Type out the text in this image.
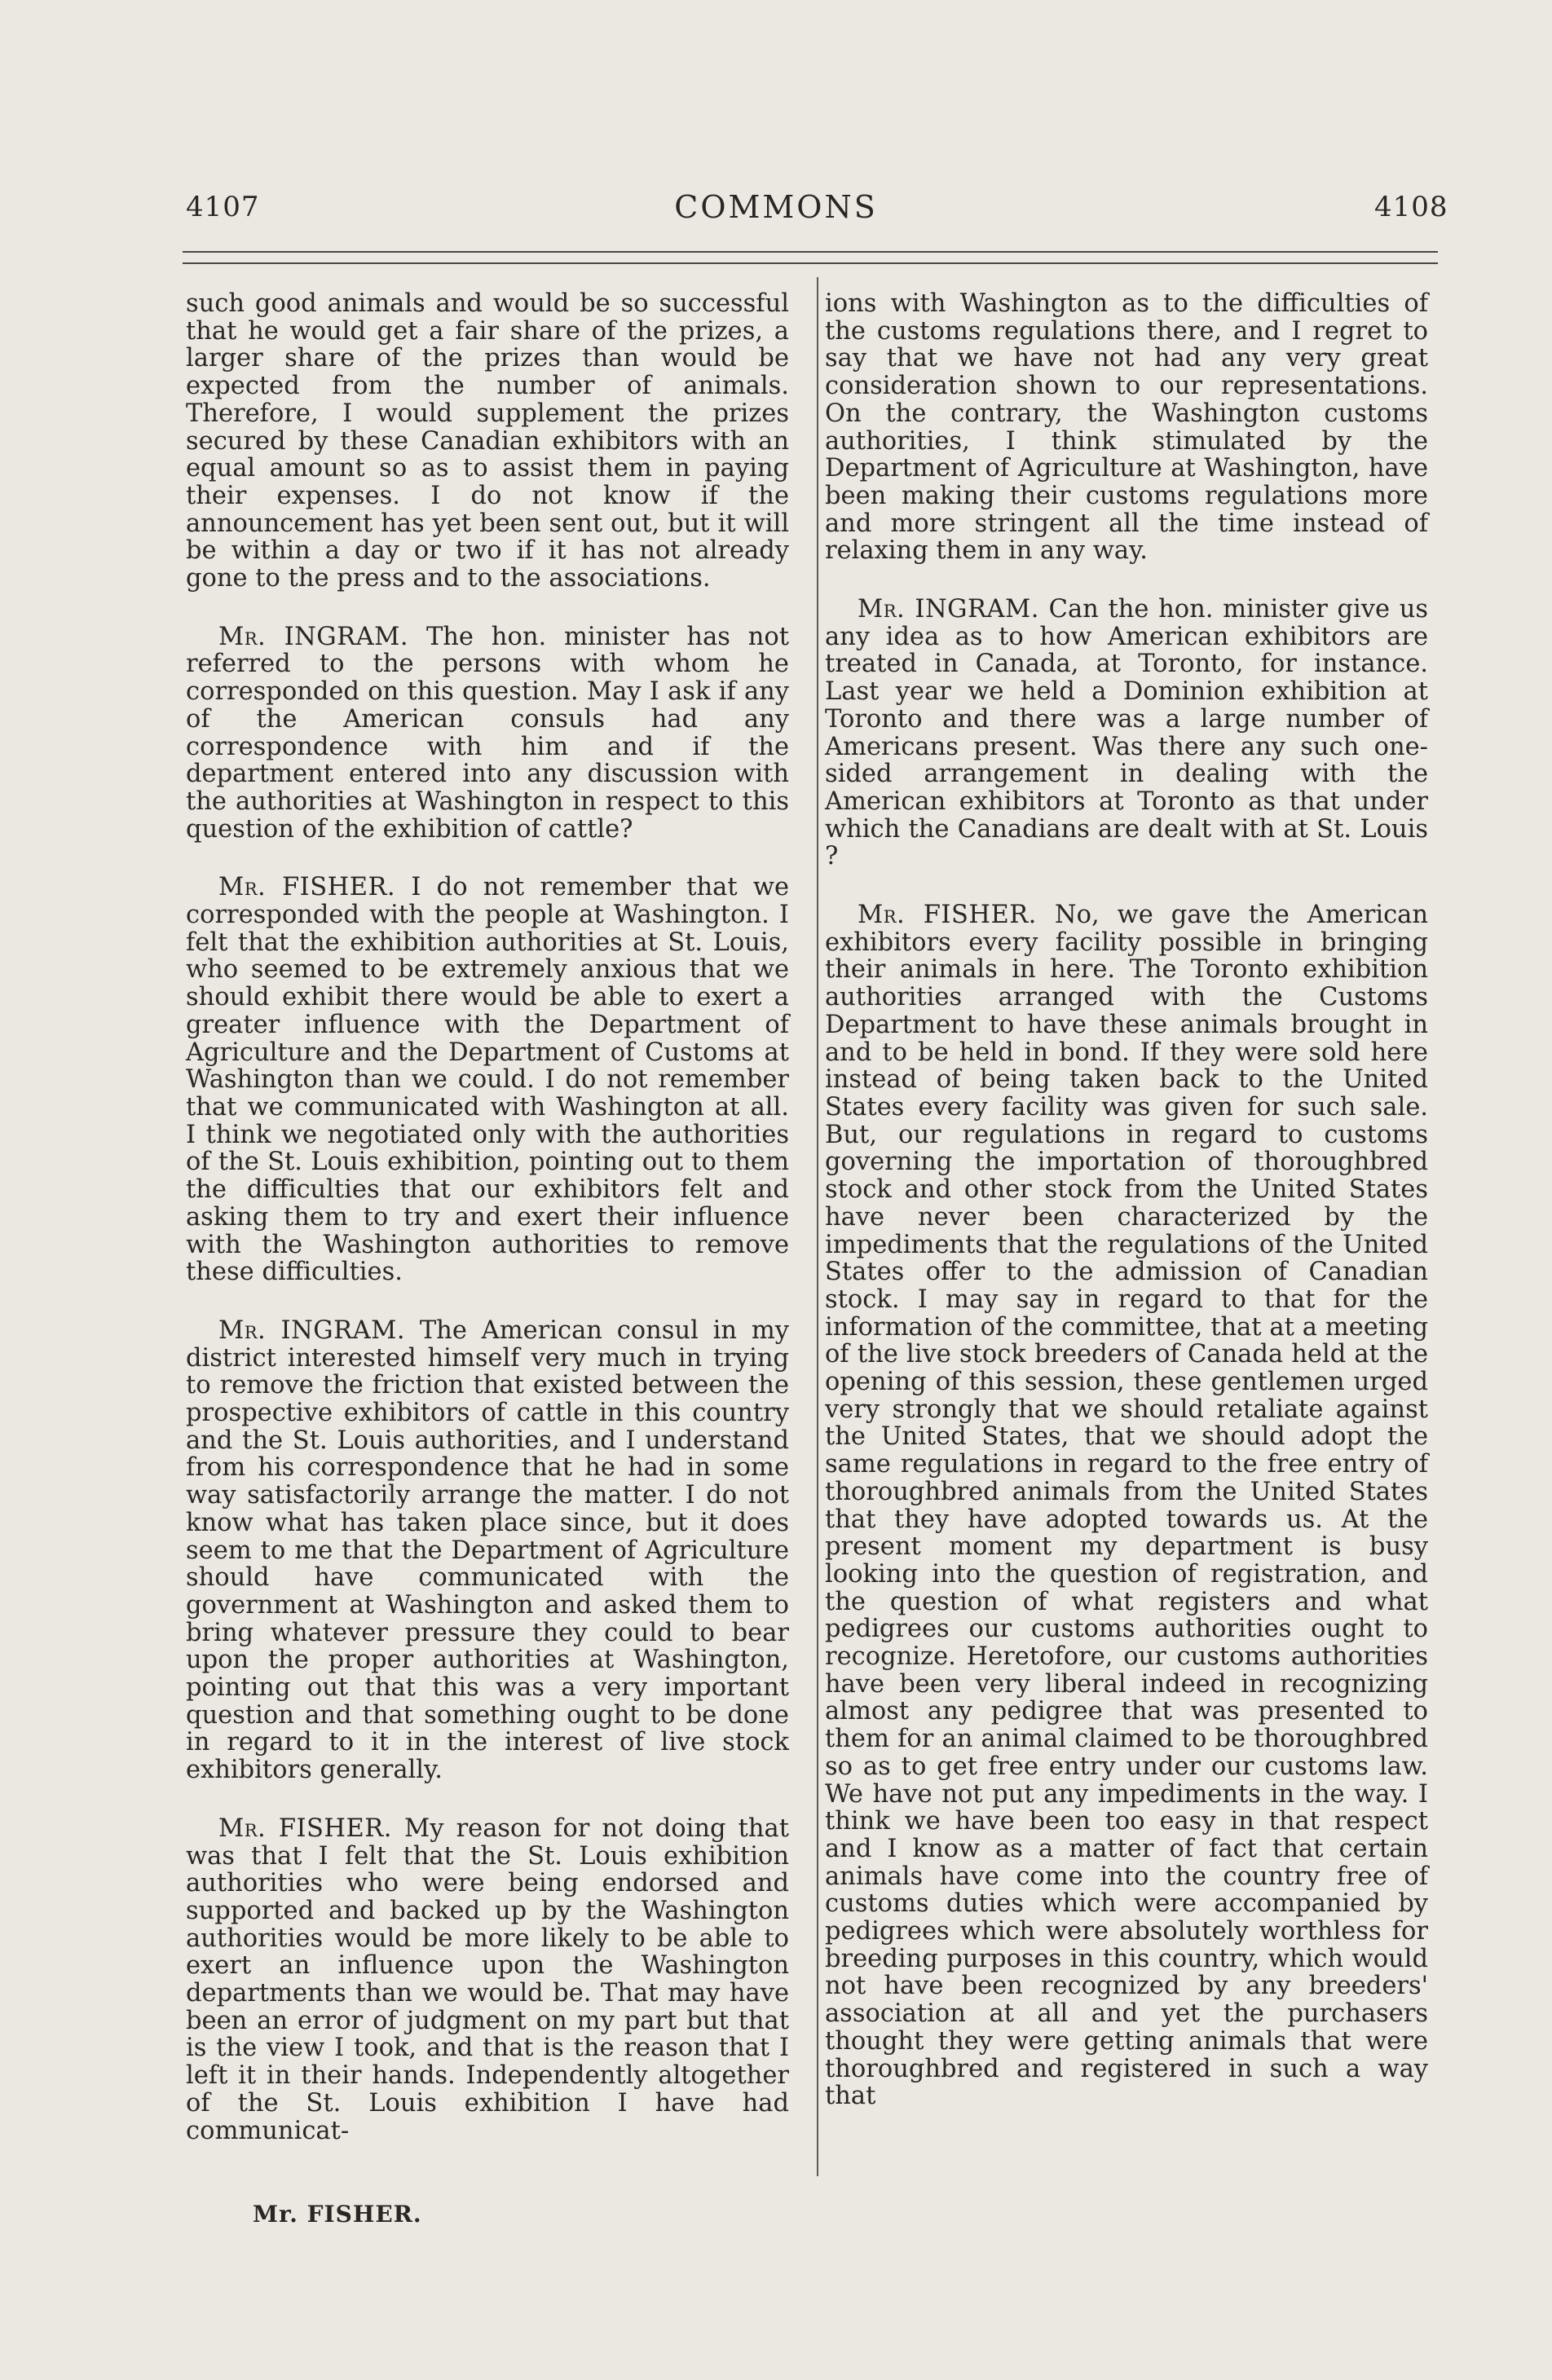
4107	COMMONS	4108

such good animals and would be so successful that he would get a fair share of the prizes, a larger share of the prizes than would be expected from the number of animals. Therefore, I would supplement the prizes secured by these Canadian exhibitors with an equal amount so as to assist them in paying their expenses. I do not know if the announcement has yet been sent out, but it will be within a day or two if it has not already gone to the press and to the associations.

Mr. INGRAM. The hon. minister has not referred to the persons with whom he corresponded on this question. May I ask if any of the American consuls had any correspondence with him and if the department entered into any discussion with the authorities at Washington in respect to this question of the exhibition of cattle?

Mr. FISHER. I do not remember that we corresponded with the people at Washington. I felt that the exhibition authorities at St. Louis, who seemed to be extremely anxious that we should exhibit there would be able to exert a greater influence with the Department of Agriculture and the Department of Customs at Washington than we could. I do not remember that we communicated with Washington at all. I think we negotiated only with the authorities of the St. Louis exhibition, pointing out to them the difficulties that our exhibitors felt and asking them to try and exert their influence with the Washington authorities to remove these difficulties.

Mr. INGRAM. The American consul in my district interested himself very much in trying to remove the friction that existed between the prospective exhibitors of cattle in this country and the St. Louis authorities, and I understand from his correspondence that he had in some way satisfactorily arrange the matter. I do not know what has taken place since, but it does seem to me that the Department of Agriculture should have communicated with the government at Washington and asked them to bring whatever pressure they could to bear upon the proper authorities at Washington, pointing out that this was a very important question and that something ought to be done in regard to it in the interest of live stock exhibitors generally.

Mr. FISHER. My reason for not doing that was that I felt that the St. Louis exhibition authorities who were being endorsed and supported and backed up by the Washington authorities would be more likely to be able to exert an influence upon the Washington departments than we would be. That may have been an error of judgment on my part but that is the view I took, and that is the reason that I left it in their hands. Independently altogether of the St. Louis exhibition I have had communicat-

ions with Washington as to the difficulties of the customs regulations there, and I regret to say that we have not had any very great consideration shown to our representations. On the contrary, the Washington customs authorities, I think stimulated by the Department of Agriculture at Washington, have been making their customs regulations more and more stringent all the time instead of relaxing them in any way.

Mr. INGRAM. Can the hon. minister give us any idea as to how American exhibitors are treated in Canada, at Toronto, for instance. Last year we held a Dominion exhibition at Toronto and there was a large number of Americans present. Was there any such one-sided arrangement in dealing with the American exhibitors at Toronto as that under which the Canadians are dealt with at St. Louis ?

Mr. FISHER. No, we gave the American exhibitors every facility possible in bringing their animals in here. The Toronto exhibition authorities arranged with the Customs Department to have these animals brought in and to be held in bond. If they were sold here instead of being taken back to the United States every facility was given for such sale. But, our regulations in regard to customs governing the importation of thoroughbred stock and other stock from the United States have never been characterized by the impediments that the regulations of the United States offer to the admission of Canadian stock. I may say in regard to that for the information of the committee, that at a meeting of the live stock breeders of Canada held at the opening of this session, these gentlemen urged very strongly that we should retaliate against the United States, that we should adopt the same regulations in regard to the free entry of thoroughbred animals from the United States that they have adopted towards us. At the present moment my department is busy looking into the question of registration, and the question of what registers and what pedigrees our customs authorities ought to recognize. Heretofore, our customs authorities have been very liberal indeed in recognizing almost any pedigree that was presented to them for an animal claimed to be thoroughbred so as to get free entry under our customs law. We have not put any impediments in the way. I think we have been too easy in that respect and I know as a matter of fact that certain animals have come into the country free of customs duties which were accompanied by pedigrees which were absolutely worthless for breeding purposes in this country, which would not have been recognized by any breeders' association at all and yet the purchasers thought they were getting animals that were thoroughbred and registered in such a way that

Mr. FISHER.
